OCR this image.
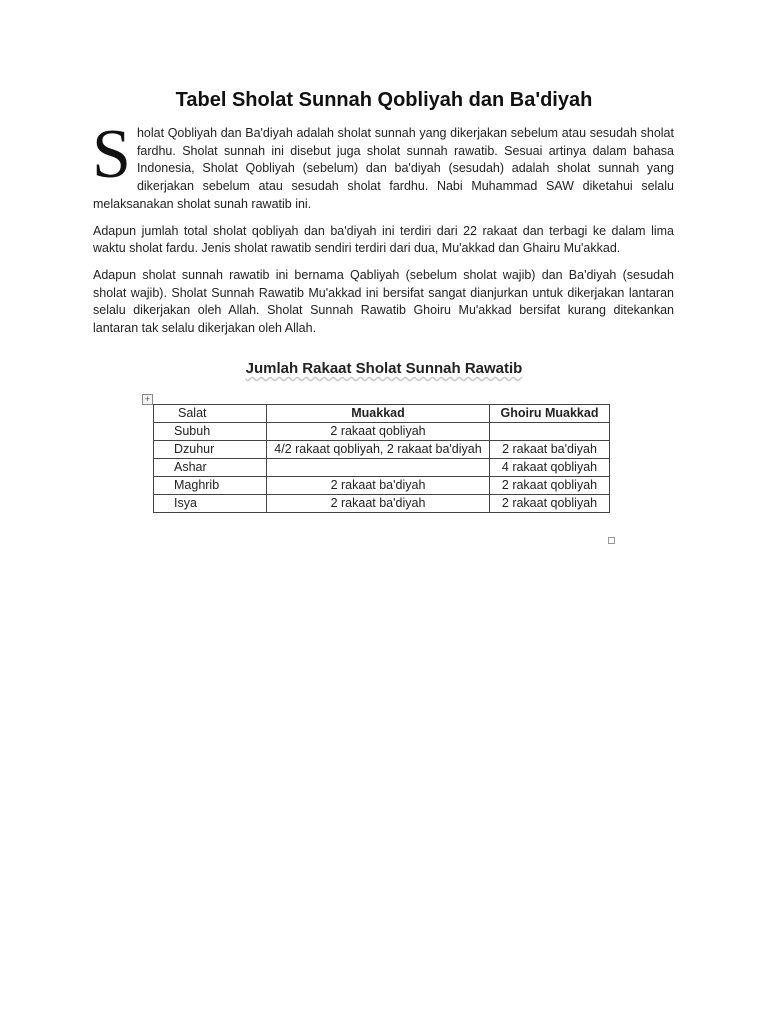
Tabel Sholat Sunnah Qobliyah dan Ba'diyah

Sholat Qobliyah dan Ba'diyah adalah sholat sunnah yang dikerjakan sebelum atau sesudah sholat fardhu. Sholat sunnah ini disebut juga sholat sunnah rawatib. Sesuai artinya dalam bahasa Indonesia, Sholat Qobliyah (sebelum) dan ba'diyah (sesudah) adalah sholat sunnah yang dikerjakan sebelum atau sesudah sholat fardhu. Nabi Muhammad SAW diketahui selalu melaksanakan sholat sunah rawatib ini.

Adapun jumlah total sholat qobliyah dan ba'diyah ini terdiri dari 22 rakaat dan terbagi ke dalam lima waktu sholat fardu. Jenis sholat rawatib sendiri terdiri dari dua, Mu'akkad dan Ghairu Mu'akkad.

Adapun sholat sunnah rawatib ini bernama Qabliyah (sebelum sholat wajib) dan Ba'diyah (sesudah sholat wajib). Sholat Sunnah Rawatib Mu'akkad ini bersifat sangat dianjurkan untuk dikerjakan lantaran selalu dikerjakan oleh Allah. Sholat Sunnah Rawatib Ghoiru Mu'akkad bersifat kurang ditekankan lantaran tak selalu dikerjakan oleh Allah.

Jumlah Rakaat Sholat Sunnah Rawatib
+
Salat	Muakkad	Ghoiru Muakkad
Subuh	2 rakaat qobliyah	
Dzuhur	4/2 rakaat qobliyah, 2 rakaat ba'diyah	2 rakaat ba'diyah
Ashar		4 rakaat qobliyah
Maghrib	2 rakaat ba'diyah	2 rakaat qobliyah
Isya	2 rakaat ba'diyah	2 rakaat qobliyah
